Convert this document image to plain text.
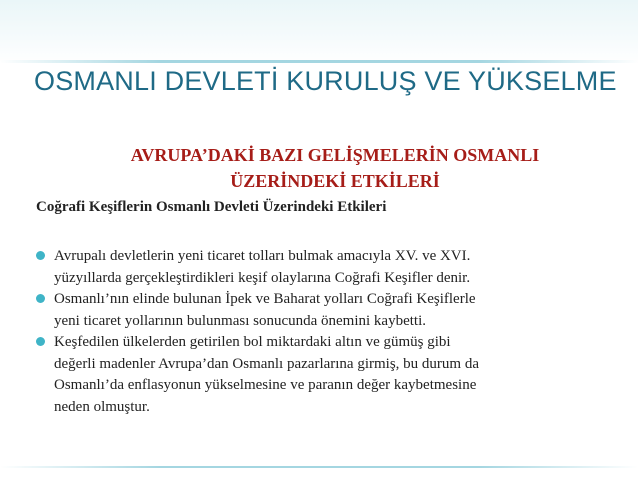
OSMANLI DEVLETİ KURULUŞ VE YÜKSELME
AVRUPA’DAKİ BAZI GELİŞMELERİN OSMANLI
ÜZERİNDEKİ ETKİLERİ

Coğrafi Keşiflerin Osmanlı Devleti Üzerindeki Etkileri

Avrupalı devletlerin yeni ticaret tolları bulmak amacıyla XV. ve XVI.
yüzyıllarda gerçekleştirdikleri keşif olaylarına Coğrafi Keşifler denir.
Osmanlı’nın elinde bulunan İpek ve Baharat yolları Coğrafi Keşiflerle
yeni ticaret yollarının bulunması sonucunda önemini kaybetti.
Keşfedilen ülkelerden getirilen bol miktardaki altın ve gümüş gibi
değerli madenler Avrupa’dan Osmanlı pazarlarına girmiş, bu durum da
Osmanlı’da enflasyonun yükselmesine ve paranın değer kaybetmesine
neden olmuştur.
